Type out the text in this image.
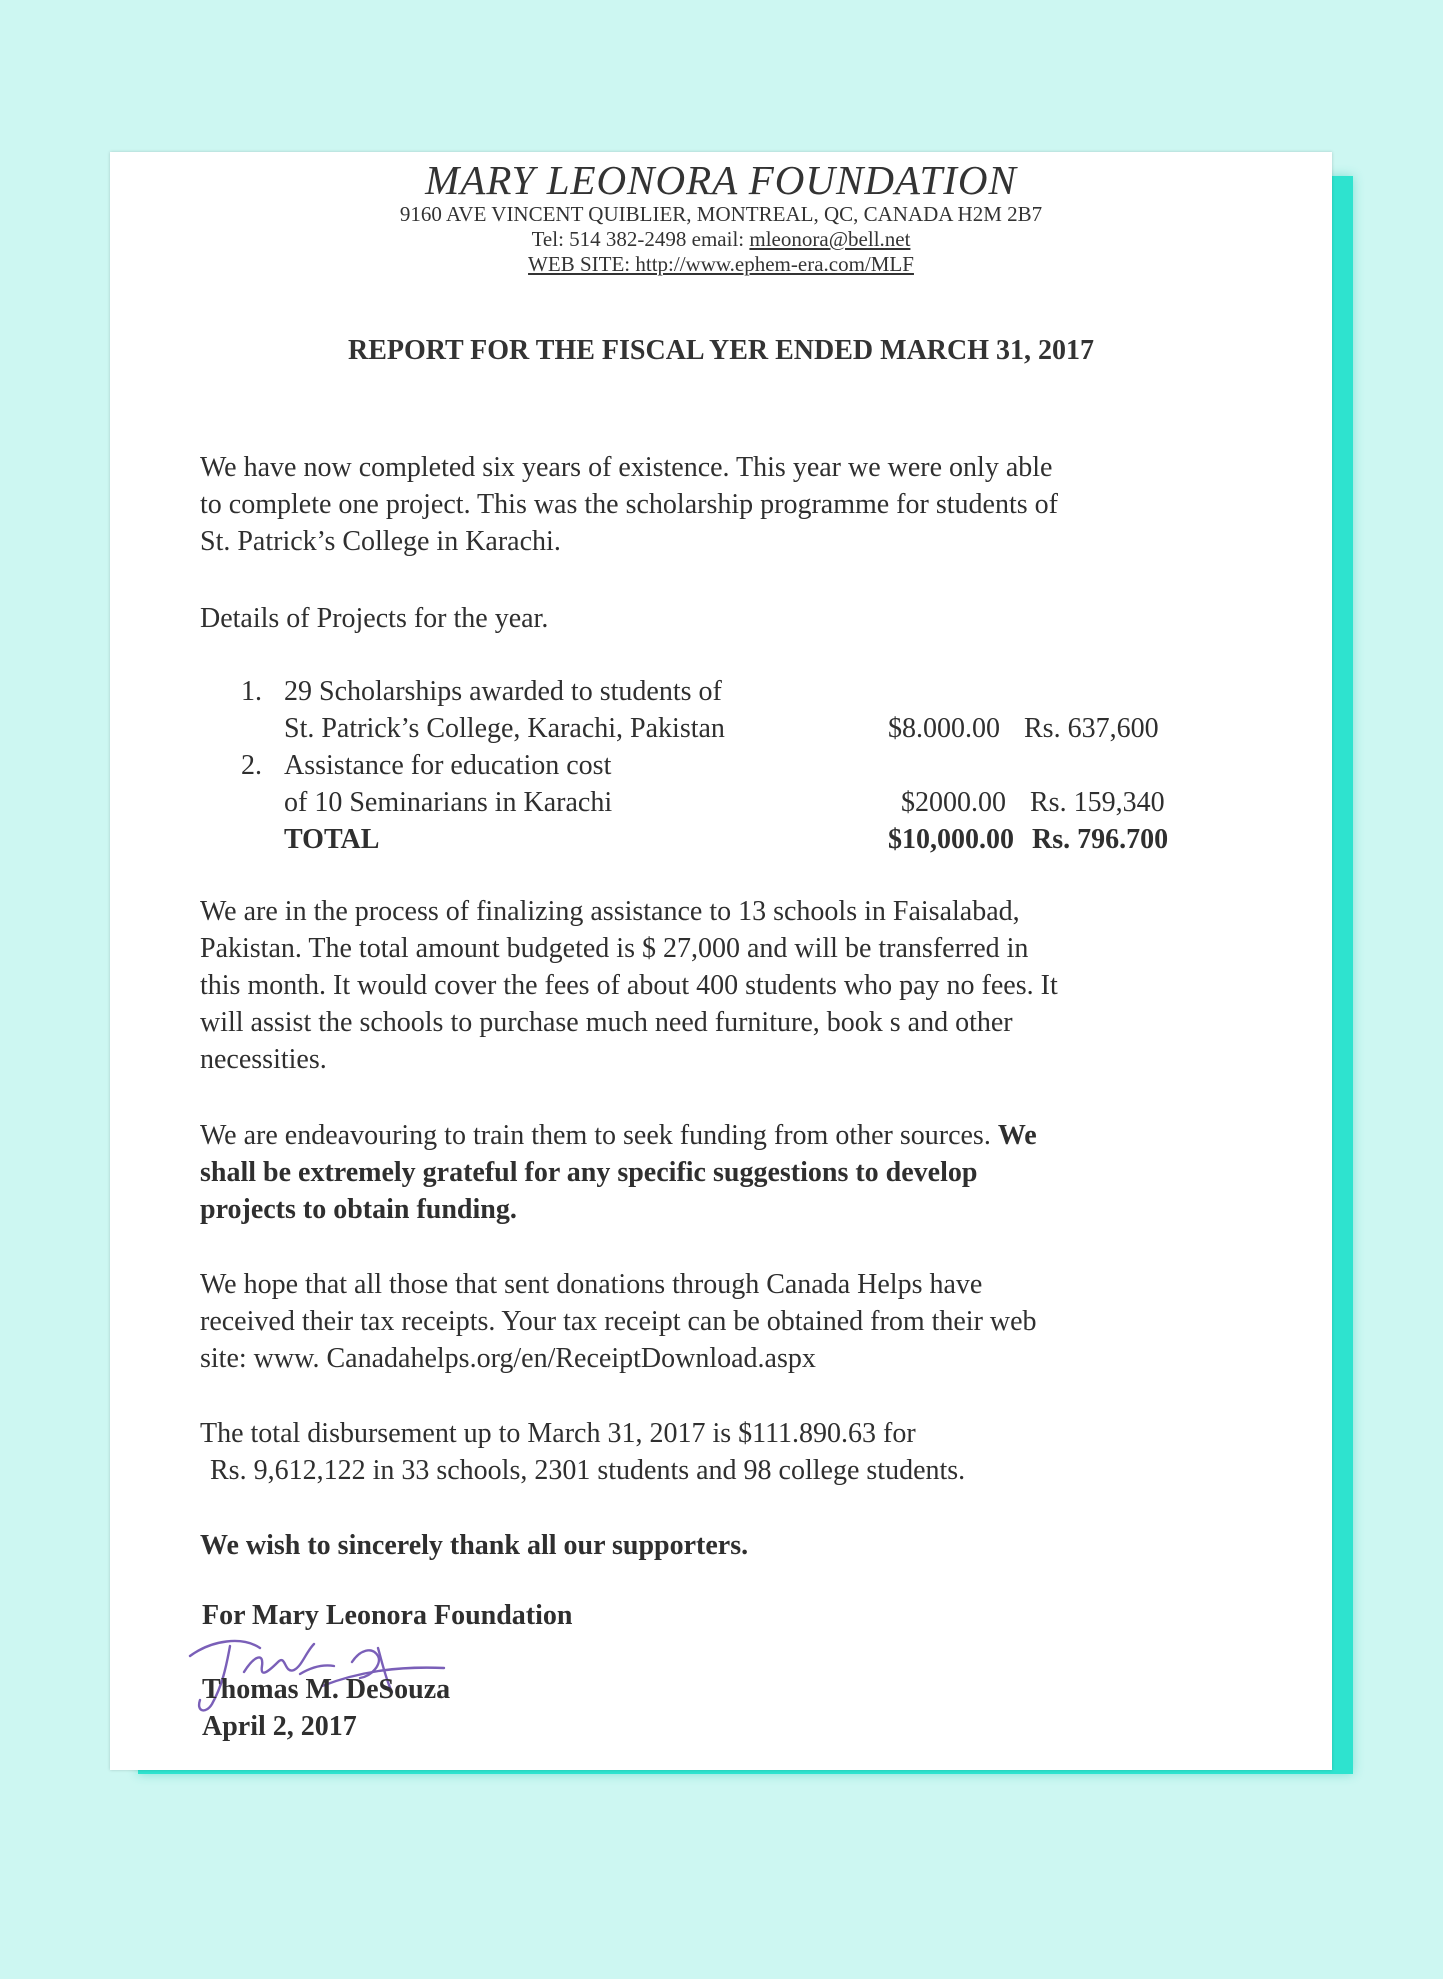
MARY LEONORA FOUNDATION
9160 AVE VINCENT QUIBLIER, MONTREAL, QC, CANADA H2M 2B7
Tel: 514 382-2498 email: mleonora@bell.net
WEB SITE: http://www.ephem-era.com/MLF
REPORT FOR THE FISCAL YER ENDED MARCH 31, 2017
We have now completed six years of existence. This year we were only able
to complete one project. This was the scholarship programme for students of
St. Patrick’s College in Karachi.
Details of Projects for the year.
1. 29 Scholarships awarded to students of
St. Patrick’s College, Karachi, Pakistan	$8.000.00 Rs. 637,600
2. Assistance for education cost
of 10 Seminarians in Karachi	$2000.00 Rs. 159,340
TOTAL	$10,000.00 Rs. 796.700
We are in the process of finalizing assistance to 13 schools in Faisalabad,
Pakistan. The total amount budgeted is $ 27,000 and will be transferred in
this month. It would cover the fees of about 400 students who pay no fees. It
will assist the schools to purchase much need furniture, book s and other
necessities.
We are endeavouring to train them to seek funding from other sources. We
shall be extremely grateful for any specific suggestions to develop
projects to obtain funding.
We hope that all those that sent donations through Canada Helps have
received their tax receipts. Your tax receipt can be obtained from their web
site: www. Canadahelps.org/en/ReceiptDownload.aspx
The total disbursement up to March 31, 2017 is $111.890.63 for
Rs. 9,612,122 in 33 schools, 2301 students and 98 college students.
We wish to sincerely thank all our supporters.
For Mary Leonora Foundation
Thomas M. DeSouza
April 2, 2017
